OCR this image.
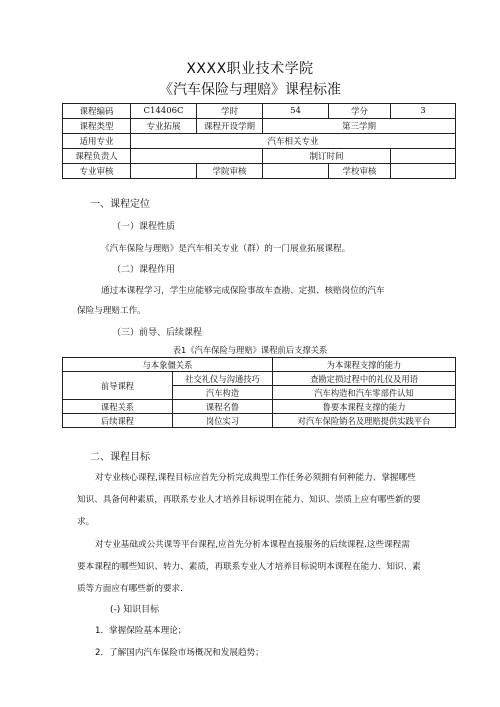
XXXX职业技术学院
《汽车保险与理赔》课程标准
课程编码	C14406C	学时	54	学分	3
课程类型	专业拓展	课程开设学期	第三学期		
适用专业	汽车相关专业				
课程负责人			制订时间		
专业审核		学院审核		学校审核	
一、课程定位
（一）课程性质
《汽车保险与理赔》是汽车相关专业（群）的一门展业拓展课程。
（二）课程作用
通过本课程学习，学生应能够完成保险事故车查勘、定损、核赔岗位的汽车
保险与理赔工作。
（三）前导、后续课程
表1《汽车保险与理赔》课程前后支撑关系
与本象僵关系		为本课程支撑的能力
前导课程	社交礼仪与沟通技巧	查勘定损过程中的礼仪及用语
	汽车构造	汽车构造和汽车零部件认知
课程关系	课程名鲁	鲁要本课程支撑的能力
后续课程	岗位实习	对汽车保险销名及理赔提供实践平台
二、课程目标
对专业核心课程,课程目标应首先分析完成典型工作任务必须拥有何种能力、掌握哪些
知识、具备何种素质，再联系专业人才培养目标说明在能力、知识、崇质上应有哪些新的要
求。
对专业基础或公共课等平台课程,应首先分析本课程直接服务的后续课程.这些课程需
要本课程的哪些知识、转力、素质，再联系专业人才培养目标说明本课程在能力、知识、素
质等方面应有哪些新的要求.
(-) 知识目标
1．掌握保险基本理论；
2．了解国内汽车保险市场概况和发展趋势；
